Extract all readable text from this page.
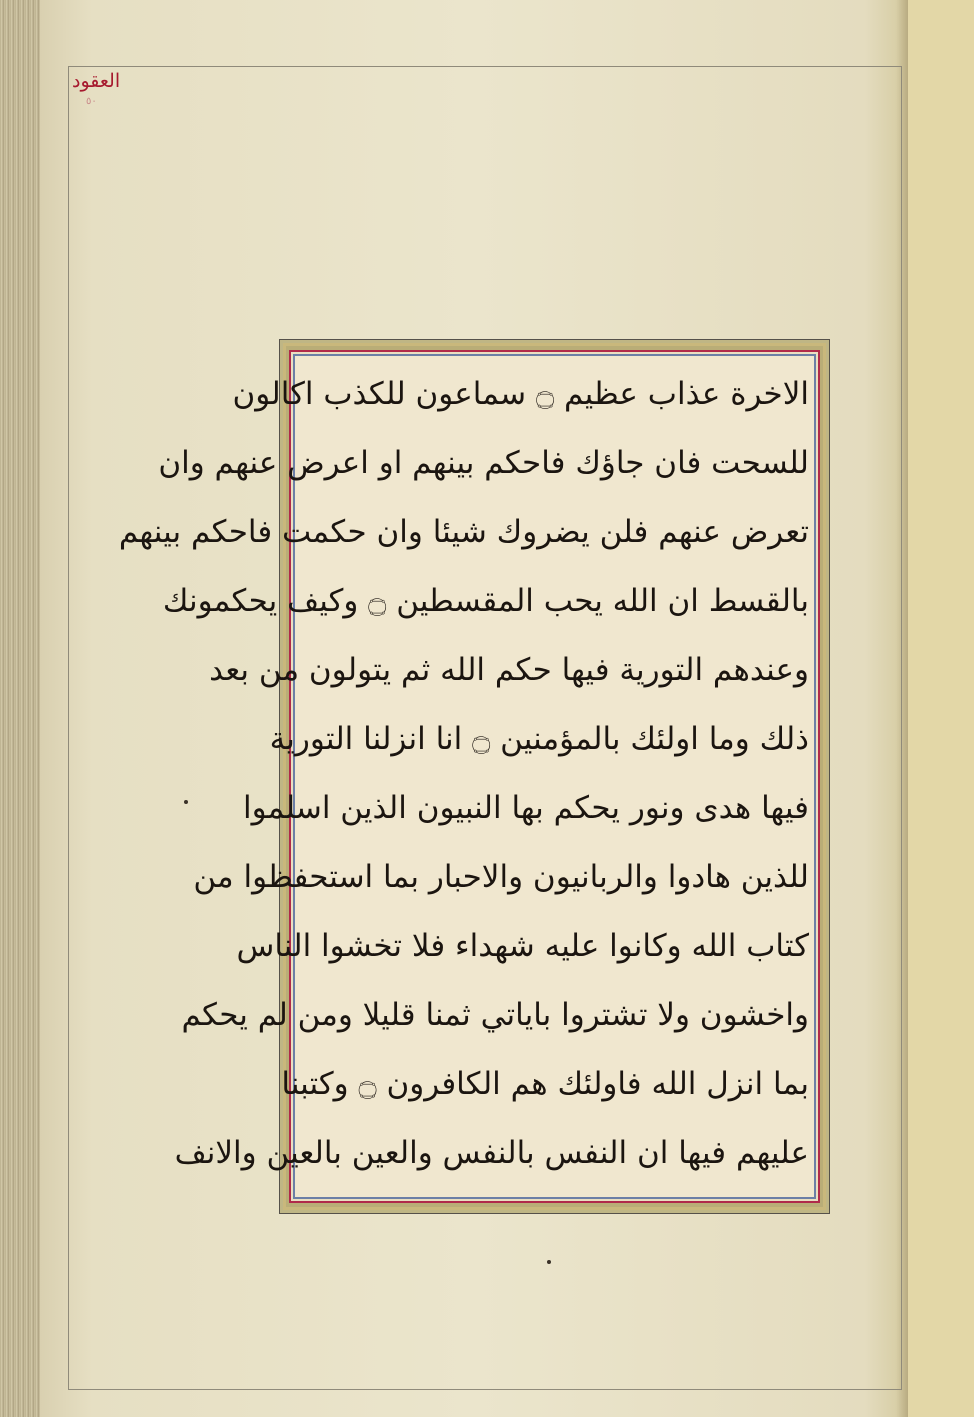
العقود
٥٠
الاخرة عذاب عظيم ۝ سماعون للكذب اكالون
للسحت فان جاؤك فاحكم بينهم او اعرض عنهم وان
تعرض عنهم فلن يضروك شيئا وان حكمت فاحكم بينهم
بالقسط ان الله يحب المقسطين ۝ وكيف يحكمونك
وعندهم التورية فيها حكم الله ثم يتولون من بعد
ذلك وما اولئك بالمؤمنين ۝ انا انزلنا التورية
فيها هدى ونور يحكم بها النبيون الذين اسلموا
للذين هادوا والربانيون والاحبار بما استحفظوا من
كتاب الله وكانوا عليه شهداء فلا تخشوا الناس
واخشون ولا تشتروا باياتي ثمنا قليلا ومن لم يحكم
بما انزل الله فاولئك هم الكافرون ۝ وكتبنا
عليهم فيها ان النفس بالنفس والعين بالعين والانف
